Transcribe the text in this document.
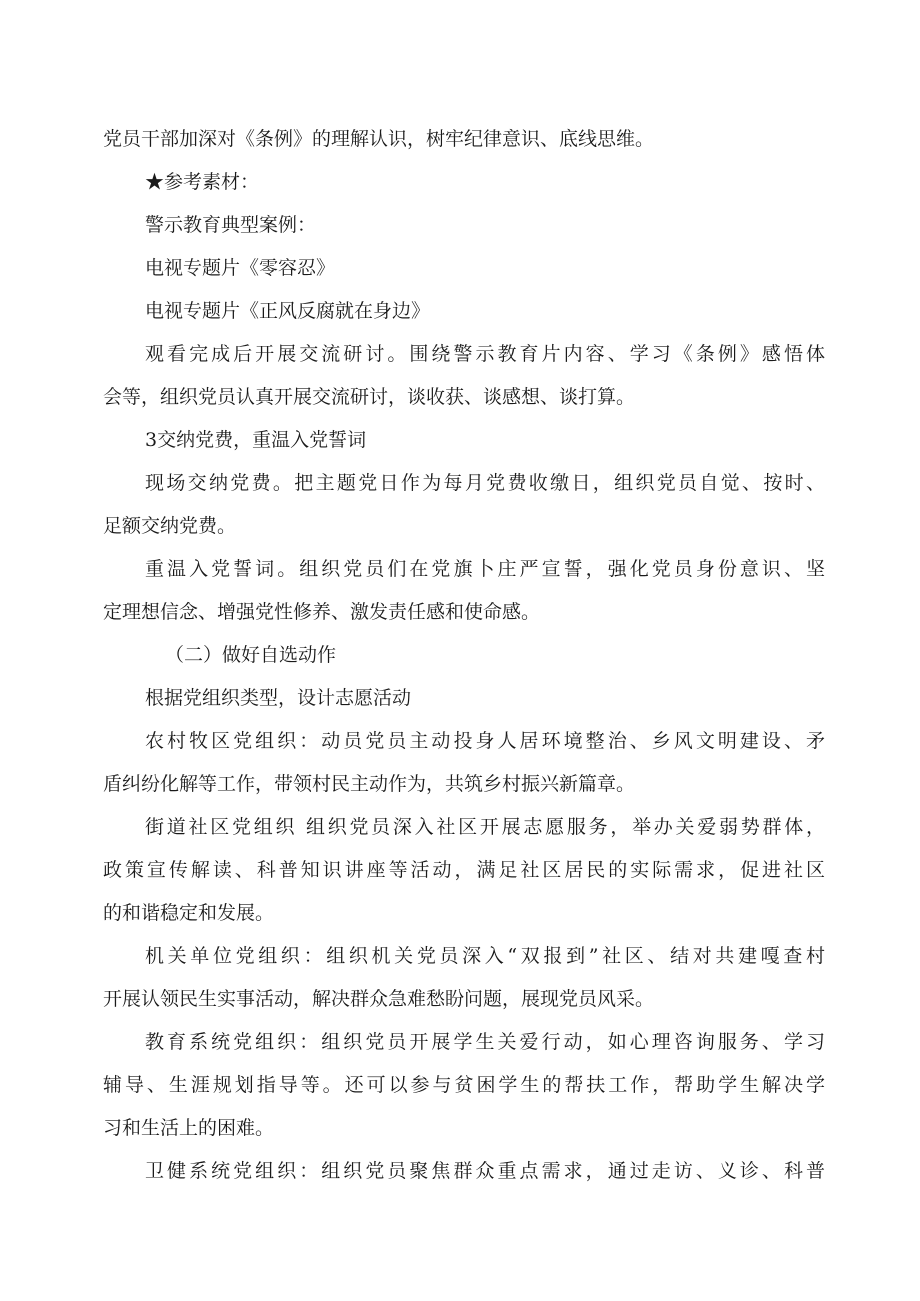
党员干部加深对《条例》的理解认识，树牢纪律意识、底线思维。
★参考素材：
警示教育典型案例：
电视专题片《零容忍》
电视专题片《正风反腐就在身边》
观看完成后开展交流研讨。围绕警示教育片内容、学习《条例》感悟体
会等，组织党员认真开展交流研讨，谈收获、谈感想、谈打算。
3交纳党费，重温入党誓词
现场交纳党费。把主题党日作为每月党费收缴日，组织党员自觉、按时、
足额交纳党费。
重温入党誓词。组织党员们在党旗卜庄严宣誓，强化党员身份意识、坚
定理想信念、增强党性修养、激发责任感和使命感。
（二）做好自选动作
根据党组织类型，设计志愿活动
农村牧区党组织：动员党员主动投身人居环境整治、乡风文明建设、矛
盾纠纷化解等工作，带领村民主动作为，共筑乡村振兴新篇章。
街道社区党组织 组织党员深入社区开展志愿服务，举办关爱弱势群体，
政策宣传解读、科普知识讲座等活动，满足社区居民的实际需求，促进社区
的和谐稳定和发展。
机关单位党组织：组织机关党员深入“双报到”社区、结对共建嘎查村
开展认领民生实事活动，解决群众急难愁盼问题，展现党员风采。
教育系统党组织：组织党员开展学生关爱行动，如心理咨询服务、学习
辅导、生涯规划指导等。还可以参与贫困学生的帮扶工作，帮助学生解决学
习和生活上的困难。
卫健系统党组织：组织党员聚焦群众重点需求，通过走访、义诊、科普
